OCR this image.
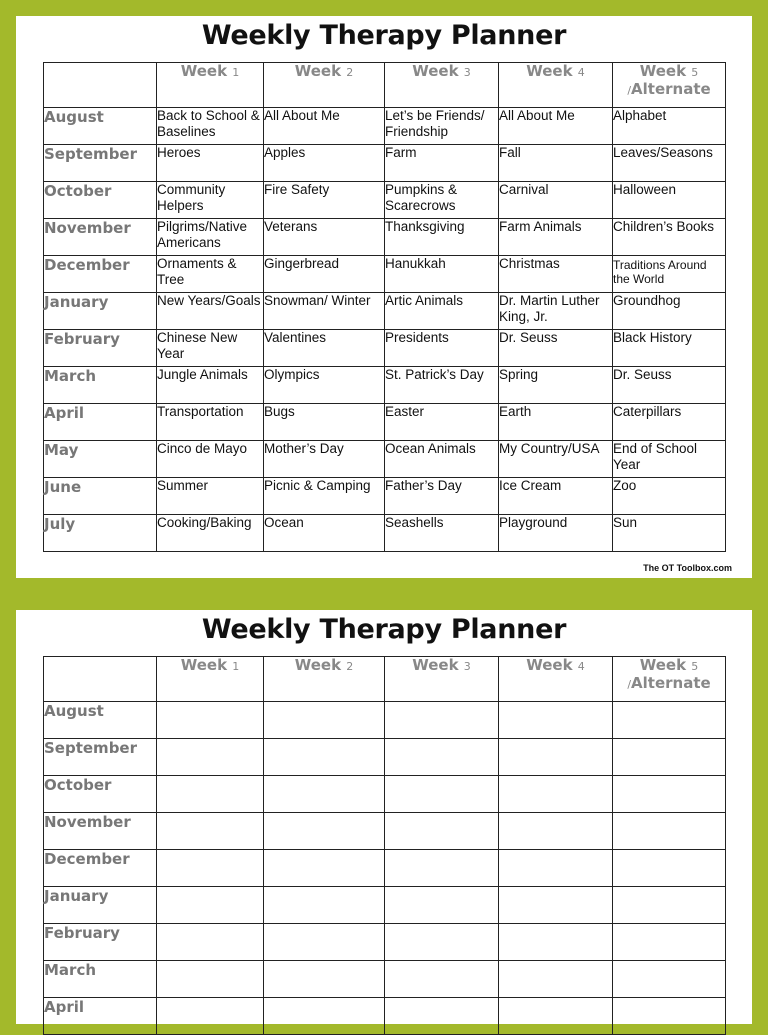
Weekly Therapy Planner
	Week 1	Week 2	Week 3	Week 4	Week 5
/Alternate
August	Back to School & Baselines	All About Me	Let’s be Friends/ Friendship	All About Me	Alphabet
September	Heroes	Apples	Farm	Fall	Leaves/Seasons
October	Community Helpers	Fire Safety	Pumpkins & Scarecrows	Carnival	Halloween
November	Pilgrims/Native Americans	Veterans	Thanksgiving	Farm Animals	Children’s Books
December	Ornaments & Tree	Gingerbread	Hanukkah	Christmas	Traditions Around the World
January	New Years/Goals	Snowman/ Winter	Artic Animals	Dr. Martin Luther King, Jr.	Groundhog
February	Chinese New Year	Valentines	Presidents	Dr. Seuss	Black History
March	Jungle Animals	Olympics	St. Patrick’s Day	Spring	Dr. Seuss
April	Transportation	Bugs	Easter	Earth	Caterpillars
May	Cinco de Mayo	Mother’s Day	Ocean Animals	My Country/USA	End of School Year
June	Summer	Picnic & Camping	Father’s Day	Ice Cream	Zoo
July	Cooking/Baking	Ocean	Seashells	Playground	Sun
The OT Toolbox.com
Weekly Therapy Planner
	Week 1	Week 2	Week 3	Week 4	Week 5
/Alternate
August					
September					
October					
November					
December					
January					
February					
March					
April					
